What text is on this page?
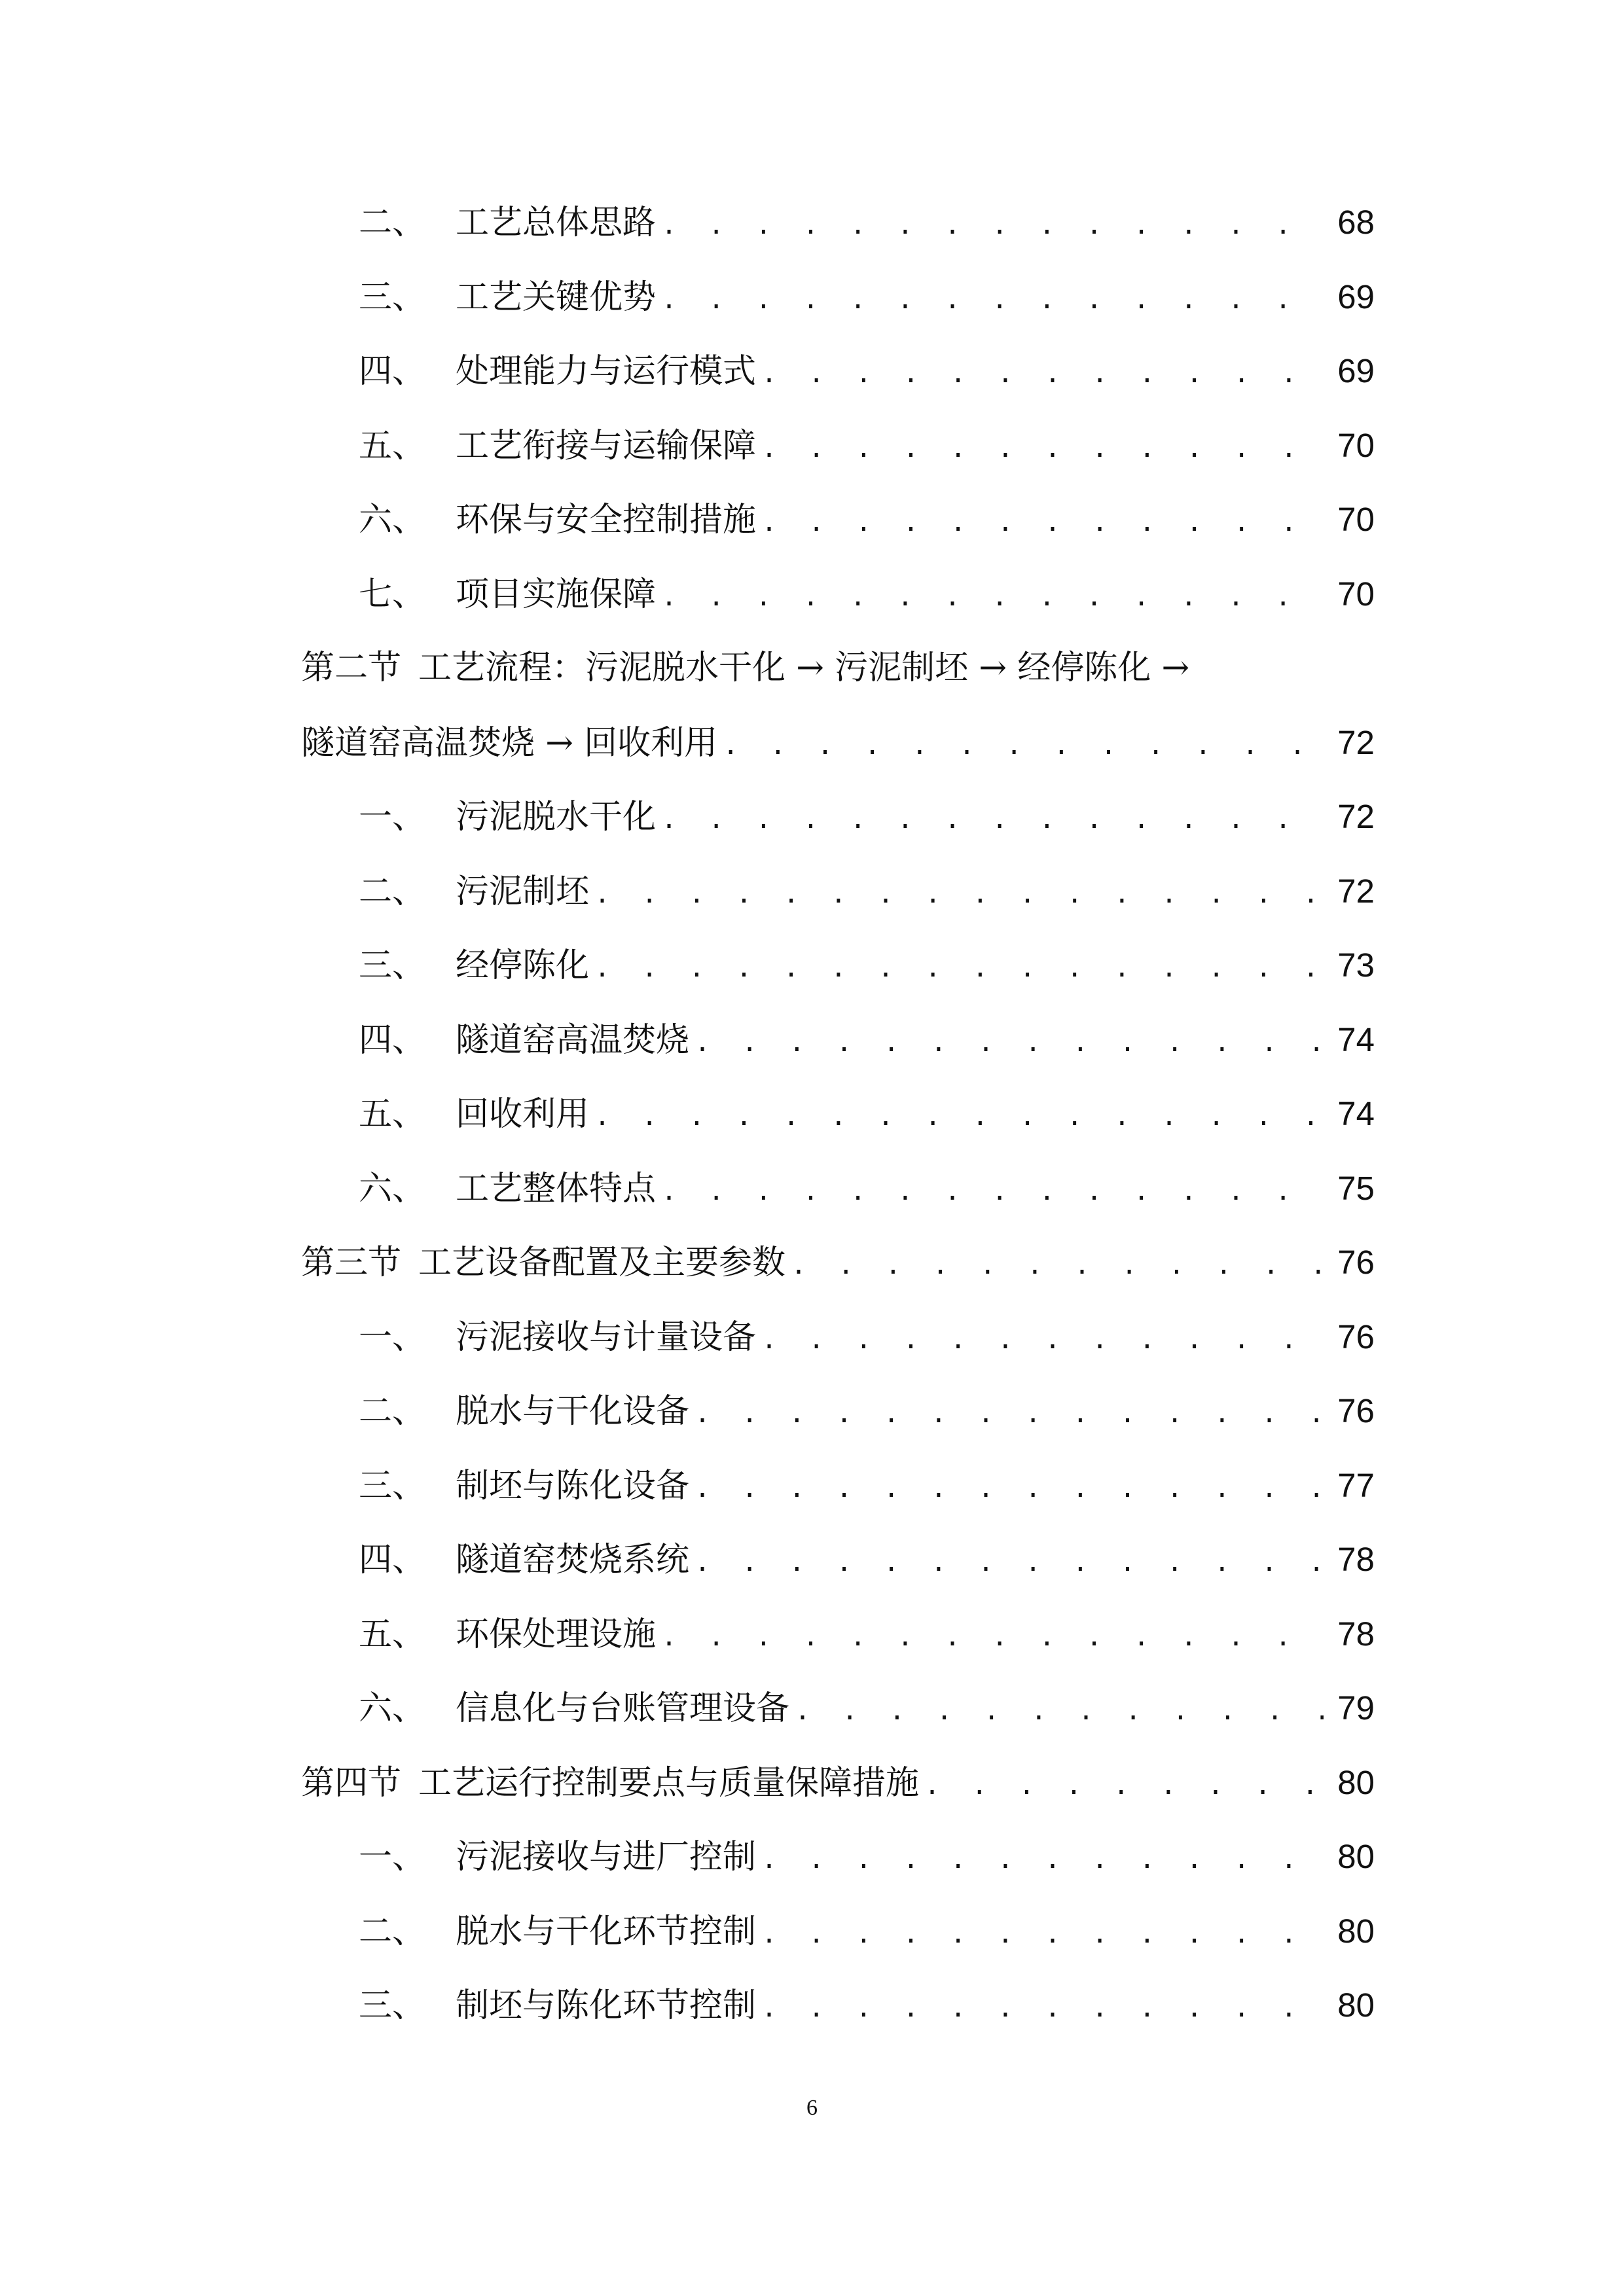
二、 工艺总体思路 . . .	68
三、 工艺关键优势 . . .	69
四、 处理能力与运行模式 . . .	69
五、 工艺衔接与运输保障 . . .	70
六、 环保与安全控制措施 . . .	70
七、 项目实施保障 . . .	70
第二节 工艺流程：污泥脱水干化 → 污泥制坯 → 经停陈化 →
隧道窑高温焚烧 → 回收利用 . . .	72
一、 污泥脱水干化 . . .	72
二、 污泥制坯 . . .	72
三、 经停陈化 . . .	73
四、 隧道窑高温焚烧 . . .	74
五、 回收利用 . . .	74
六、 工艺整体特点 . . .	75
第三节 工艺设备配置及主要参数 . . .	76
一、 污泥接收与计量设备 . . .	76
二、 脱水与干化设备 . . .	76
三、 制坯与陈化设备 . . .	77
四、 隧道窑焚烧系统 . . .	78
五、 环保处理设施 . . .	78
六、 信息化与台账管理设备 . . .	79
第四节 工艺运行控制要点与质量保障措施 . . .	80
一、 污泥接收与进厂控制 . . .	80
二、 脱水与干化环节控制 . . .	80
三、 制坯与陈化环节控制 . . .	80
6
